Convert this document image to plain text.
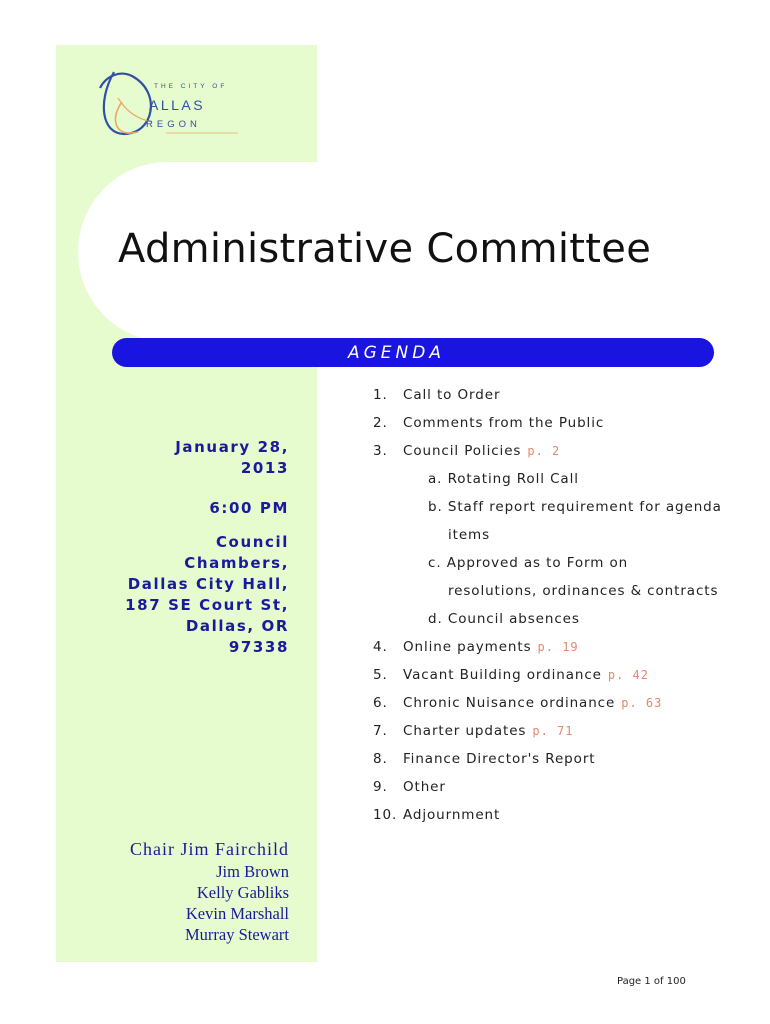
THE CITY OF
ALLAS
REGON
Administrative Committee
AGENDA
January 28,
2013
6:00 PM
Council
Chambers,
Dallas City Hall,
187 SE Court St,
Dallas, OR
97338
1. Call to Order
2. Comments from the Public
3. Council Policies p. 2
a. Rotating Roll Call
b. Staff report requirement for agenda
items
c. Approved as to Form on
resolutions, ordinances & contracts
d. Council absences
4. Online payments p. 19
5. Vacant Building ordinance p. 42
6. Chronic Nuisance ordinance p. 63
7. Charter updates p. 71
8. Finance Director's Report
9. Other
10. Adjournment
Chair Jim Fairchild
Jim Brown
Kelly Gabliks
Kevin Marshall
Murray Stewart
Page 1 of 100
